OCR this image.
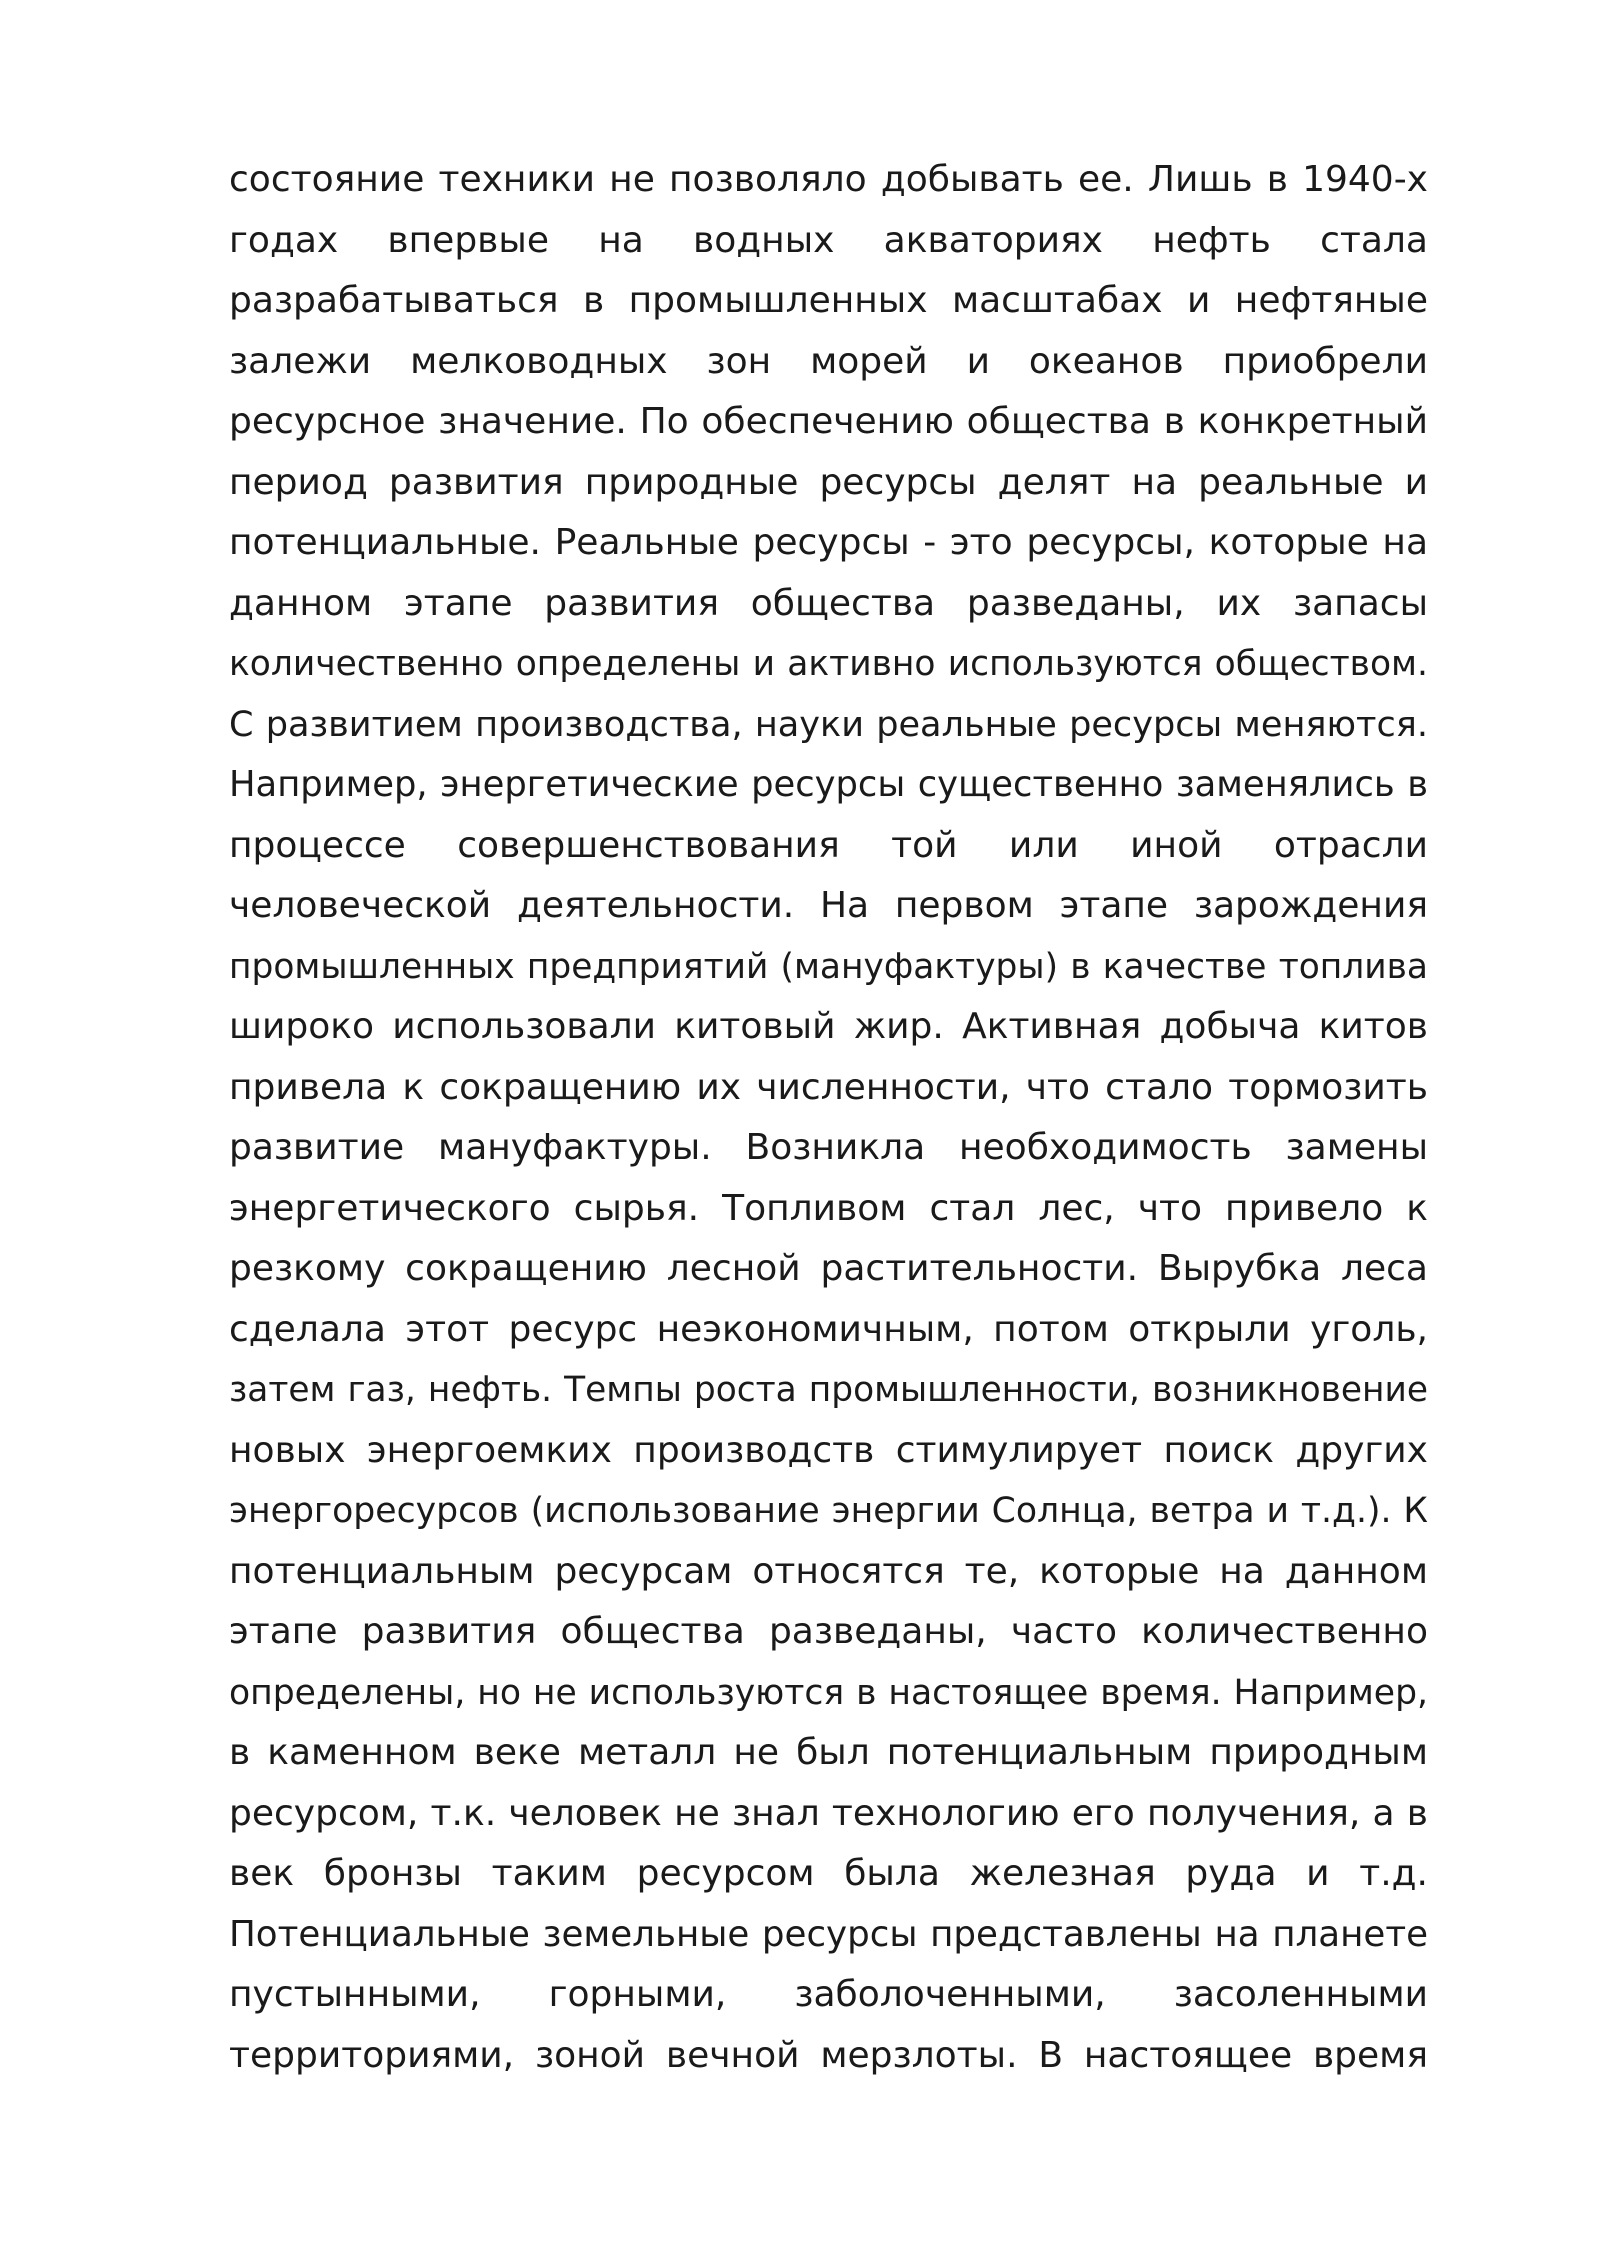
состояние техники не позволяло добывать ее. Лишь в 1940-х
годах впервые на водных акваториях нефть стала
разрабатываться в промышленных масштабах и нефтяные
залежи мелководных зон морей и океанов приобрели
ресурсное значение. По обеспечению общества в конкретный
период развития природные ресурсы делят на реальные и
потенциальные. Реальные ресурсы - это ресурсы, которые на
данном этапе развития общества разведаны, их запасы
количественно определены и активно используются обществом.
С развитием производства, науки реальные ресурсы меняются.
Например, энергетические ресурсы существенно заменялись в
процессе совершенствования той или иной отрасли
человеческой деятельности. На первом этапе зарождения
промышленных предприятий (мануфактуры) в качестве топлива
широко использовали китовый жир. Активная добыча китов
привела к сокращению их численности, что стало тормозить
развитие мануфактуры. Возникла необходимость замены
энергетического сырья. Топливом стал лес, что привело к
резкому сокращению лесной растительности. Вырубка леса
сделала этот ресурс неэкономичным, потом открыли уголь,
затем газ, нефть. Темпы роста промышленности, возникновение
новых энергоемких производств стимулирует поиск других
энергоресурсов (использование энергии Солнца, ветра и т.д.). К
потенциальным ресурсам относятся те, которые на данном
этапе развития общества разведаны, часто количественно
определены, но не используются в настоящее время. Например,
в каменном веке металл не был потенциальным природным
ресурсом, т.к. человек не знал технологию его получения, а в
век бронзы таким ресурсом была железная руда и т.д.
Потенциальные земельные ресурсы представлены на планете
пустынными, горными, заболоченными, засоленными
территориями, зоной вечной мерзлоты. В настоящее время
